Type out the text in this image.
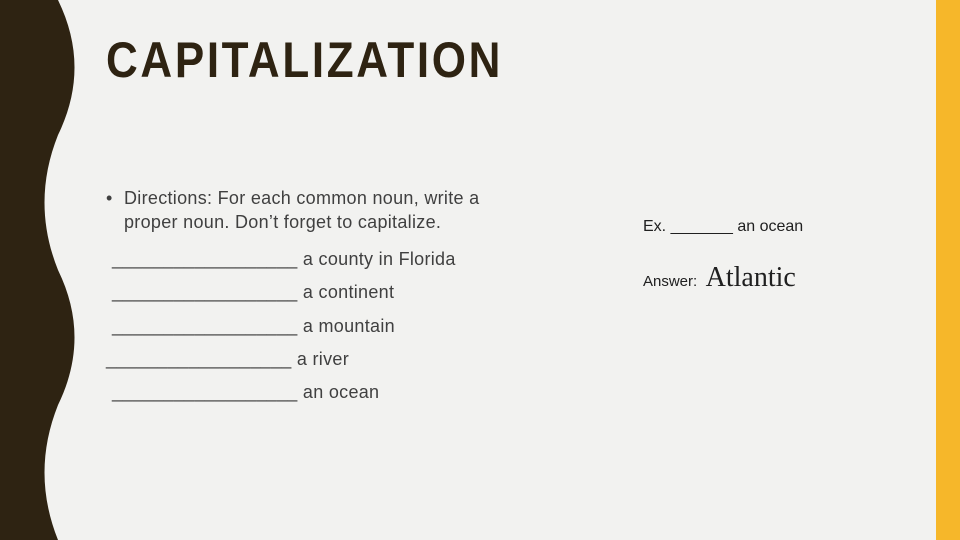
CAPITALIZATION
• Directions: For each common noun, write a proper noun. Don’t forget to capitalize.
__________________ a county in Florida
__________________ a continent
__________________ a mountain
__________________ a river
__________________ an ocean
Ex. _______ an ocean
Answer: Atlantic
